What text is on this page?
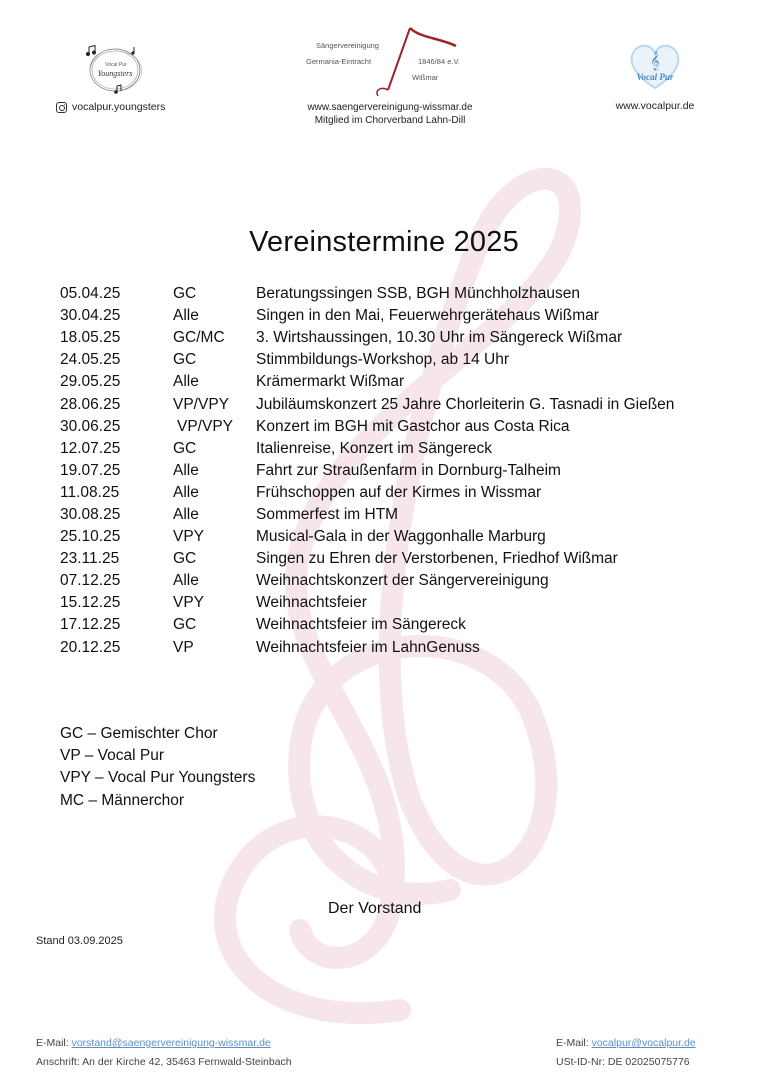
Vocal Pur
Youngsters
vocalpur.youngsters
Sängervereinigung
Germania-Eintracht	1846/84 e.V.
Wißmar
www.saengervereinigung-wissmar.de
Mitglied im Chorverband Lahn-Dill
𝄞
Vocal Pur
www.vocalpur.de
Vereinstermine 2025
05.04.25	GC	Beratungssingen SSB, BGH Münchholzhausen
30.04.25	Alle	Singen in den Mai, Feuerwehrgerätehaus Wißmar
18.05.25	GC/MC	3. Wirtshaussingen, 10.30 Uhr im Sängereck Wißmar
24.05.25	GC	Stimmbildungs-Workshop, ab 14 Uhr
29.05.25	Alle	Krämermarkt Wißmar
28.06.25	VP/VPY	Jubiläumskonzert 25 Jahre Chorleiterin G. Tasnadi in Gießen
30.06.25	VP/VPY	Konzert im BGH mit Gastchor aus Costa Rica
12.07.25	GC	Italienreise, Konzert im Sängereck
19.07.25	Alle	Fahrt zur Straußenfarm in Dornburg-Talheim
11.08.25	Alle	Frühschoppen auf der Kirmes in Wissmar
30.08.25	Alle	Sommerfest im HTM
25.10.25	VPY	Musical-Gala in der Waggonhalle Marburg
23.11.25	GC	Singen zu Ehren der Verstorbenen, Friedhof Wißmar
07.12.25	Alle	Weihnachtskonzert der Sängervereinigung
15.12.25	VPY	Weihnachtsfeier
17.12.25	GC	Weihnachtsfeier im Sängereck
20.12.25	VP	Weihnachtsfeier im LahnGenuss
GC – Gemischter Chor
VP – Vocal Pur
VPY – Vocal Pur Youngsters
MC – Männerchor
Der Vorstand
Stand 03.09.2025
E-Mail: vorstand@saengervereinigung-wissmar.de
Anschrift: An der Kirche 42, 35463 Fernwald-Steinbach
E-Mail: vocalpur@vocalpur.de
USt-ID-Nr: DE 02025075776
